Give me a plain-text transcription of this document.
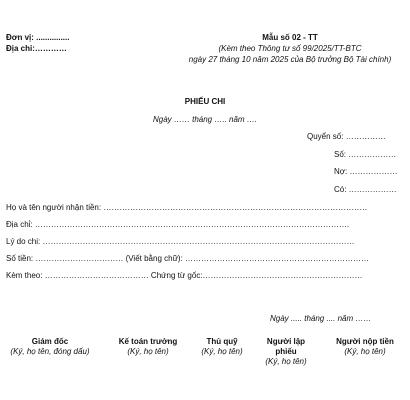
Đơn vị: ...............
Địa chỉ:…………
Mẫu số 02 - TT
(Kèm theo Thông tư số 99/2025/TT-BTC
ngày 27 tháng 10 năm 2025 của Bộ trưởng Bộ Tài chính)
PHIẾU CHI
Ngày …… tháng ….. năm ….
Quyển số: ……………
Số: ………………
Nợ: ………………
Có: ………………
Họ và tên người nhận tiền: ………………………………………………………………………………………
Địa chỉ: ……………………………………………………………………………………………………….
Lý do chi: ………………………………………………………………………………………………………
Số tiền: …………………………… (Viết bằng chữ): ……………………………………………………………
Kèm theo: ………………………………… Chứng từ gốc:……………………………………………………
Ngày ..... tháng .... năm ……
Giám đốc
(Ký, họ tên, đóng dấu)
Kế toán trưởng
(Ký, họ tên)
Thủ quỹ
(Ký, họ tên)
Người lập phiếu
(Ký, họ tên)
Người nộp tiền
(Ký, họ tên)
